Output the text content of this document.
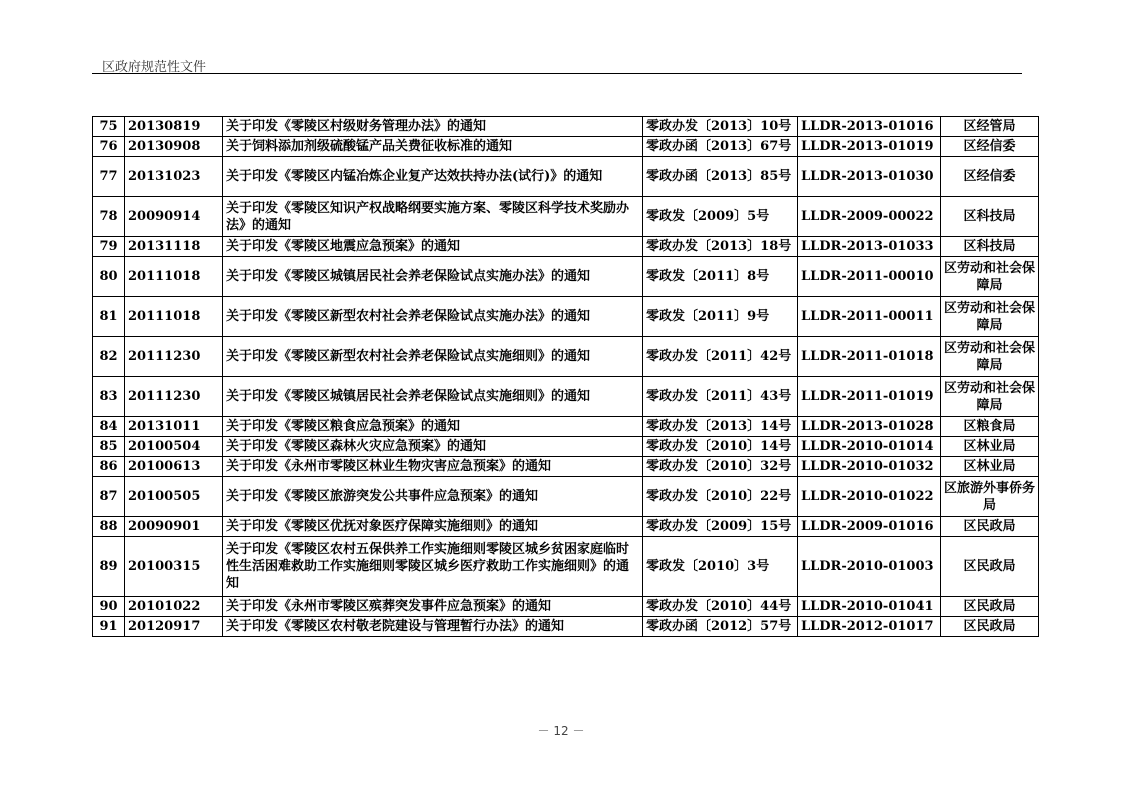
区政府规范性文件
75	20130819	关于印发《零陵区村级财务管理办法》的通知	零政办发〔2013〕10号	LLDR-2013-01016	区经管局
76	20130908	关于饲料添加剂级硫酸锰产品关费征收标准的通知	零政办函〔2013〕67号	LLDR-2013-01019	区经信委
77	20131023	关于印发《零陵区内锰冶炼企业复产达效扶持办法(试行)》的通知	零政办函〔2013〕85号	LLDR-2013-01030	区经信委
78	20090914	关于印发《零陵区知识产权战略纲要实施方案、零陵区科学技术奖励办法》的通知	零政发〔2009〕5号	LLDR-2009-00022	区科技局
79	20131118	关于印发《零陵区地震应急预案》的通知	零政办发〔2013〕18号	LLDR-2013-01033	区科技局
80	20111018	关于印发《零陵区城镇居民社会养老保险试点实施办法》的通知	零政发〔2011〕8号	LLDR-2011-00010	区劳动和社会保障局
81	20111018	关于印发《零陵区新型农村社会养老保险试点实施办法》的通知	零政发〔2011〕9号	LLDR-2011-00011	区劳动和社会保障局
82	20111230	关于印发《零陵区新型农村社会养老保险试点实施细则》的通知	零政办发〔2011〕42号	LLDR-2011-01018	区劳动和社会保障局
83	20111230	关于印发《零陵区城镇居民社会养老保险试点实施细则》的通知	零政办发〔2011〕43号	LLDR-2011-01019	区劳动和社会保障局
84	20131011	关于印发《零陵区粮食应急预案》的通知	零政办发〔2013〕14号	LLDR-2013-01028	区粮食局
85	20100504	关于印发《零陵区森林火灾应急预案》的通知	零政办发〔2010〕14号	LLDR-2010-01014	区林业局
86	20100613	关于印发《永州市零陵区林业生物灾害应急预案》的通知	零政办发〔2010〕32号	LLDR-2010-01032	区林业局
87	20100505	关于印发《零陵区旅游突发公共事件应急预案》的通知	零政办发〔2010〕22号	LLDR-2010-01022	区旅游外事侨务局
88	20090901	关于印发《零陵区优抚对象医疗保障实施细则》的通知	零政办发〔2009〕15号	LLDR-2009-01016	区民政局
89	20100315	关于印发《零陵区农村五保供养工作实施细则零陵区城乡贫困家庭临时性生活困难救助工作实施细则零陵区城乡医疗救助工作实施细则》的通知	零政发〔2010〕3号	LLDR-2010-01003	区民政局
90	20101022	关于印发《永州市零陵区殡葬突发事件应急预案》的通知	零政办发〔2010〕44号	LLDR-2010-01041	区民政局
91	20120917	关于印发《零陵区农村敬老院建设与管理暂行办法》的通知	零政办函〔2012〕57号	LLDR-2012-01017	区民政局
－ 12 －
